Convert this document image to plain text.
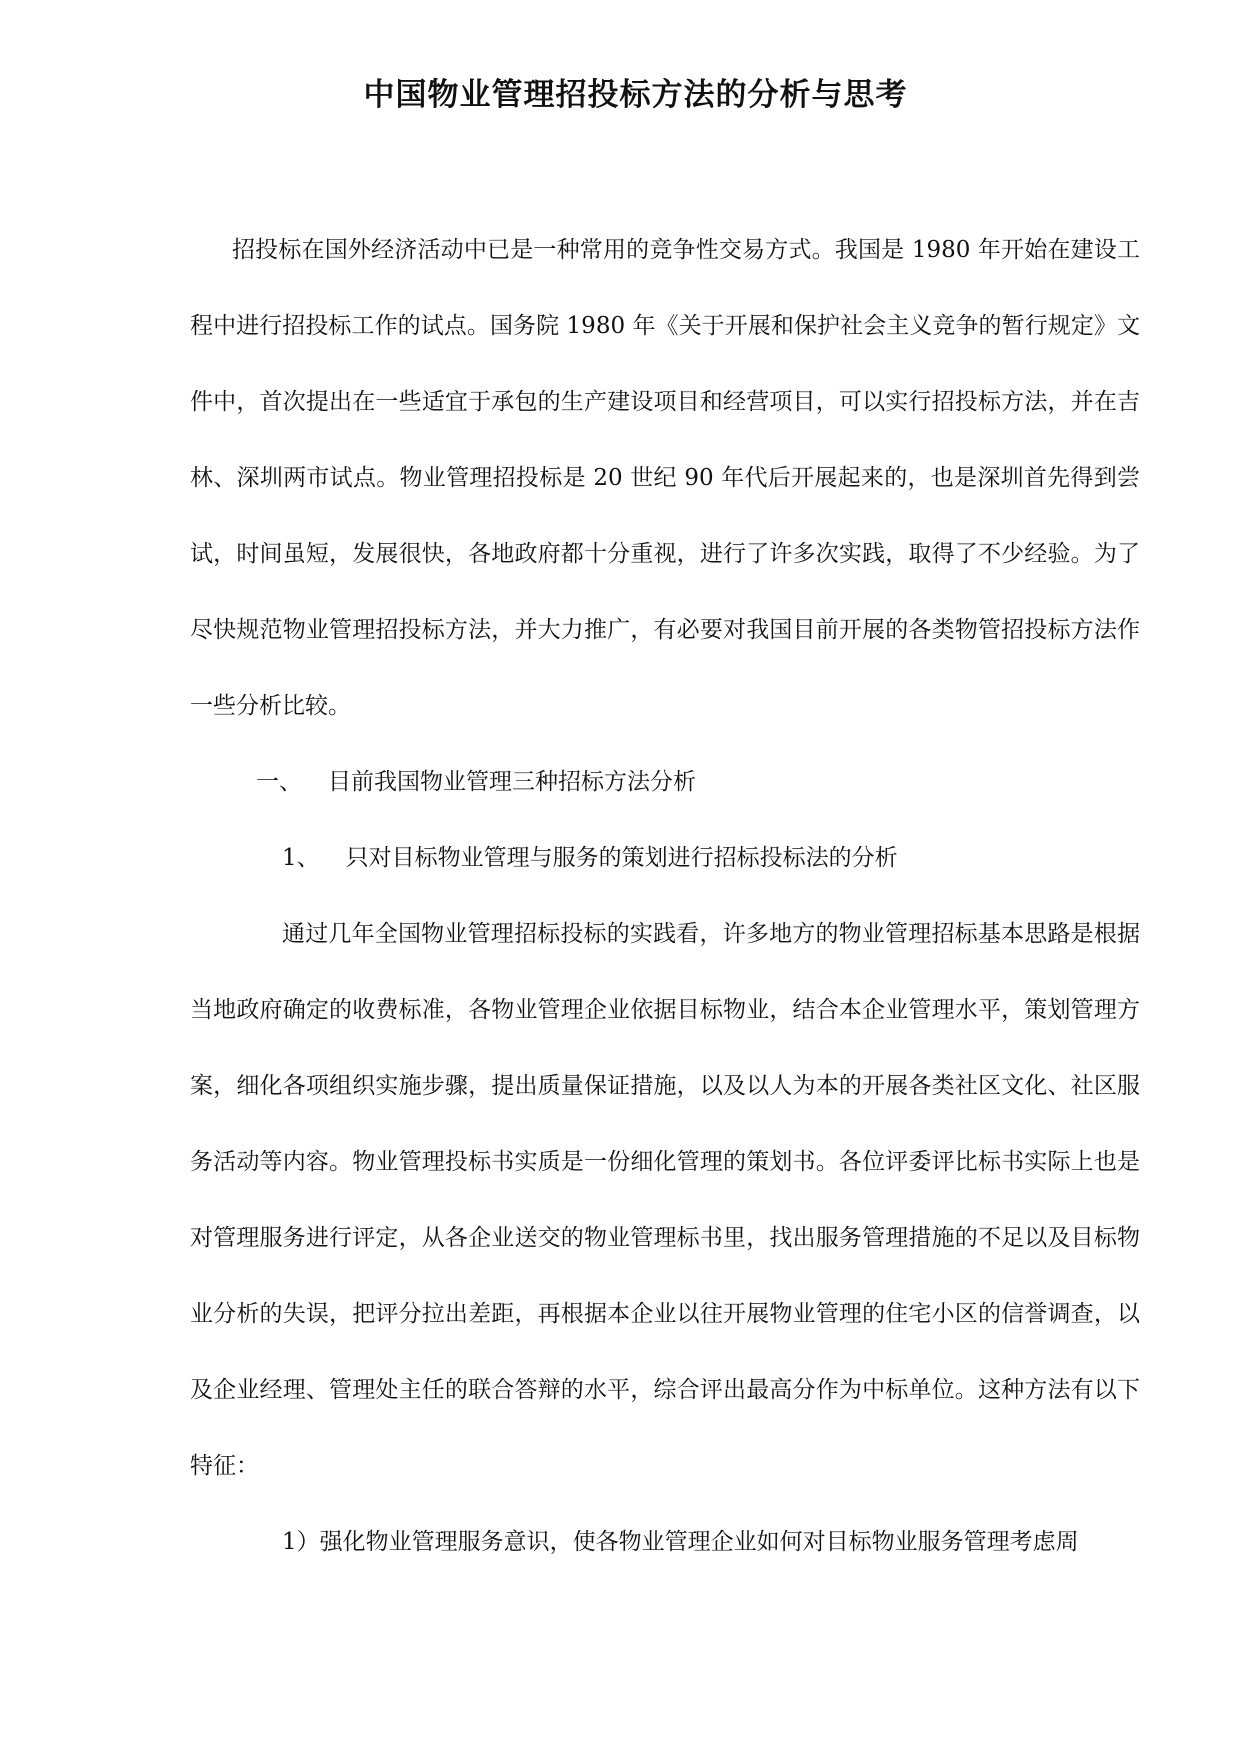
中国物业管理招投标方法的分析与思考

招投标在国外经济活动中已是一种常用的竞争性交易方式。我国是 1980 年开始在建设工程中进行招投标工作的试点。国务院 1980 年《关于开展和保护社会主义竞争的暂行规定》文件中，首次提出在一些适宜于承包的生产建设项目和经营项目，可以实行招投标方法，并在吉林、深圳两市试点。物业管理招投标是 20 世纪 90 年代后开展起来的，也是深圳首先得到尝试，时间虽短，发展很快，各地政府都十分重视，进行了许多次实践，取得了不少经验。为了尽快规范物业管理招投标方法，并大力推广，有必要对我国目前开展的各类物管招投标方法作一些分析比较。

一、 目前我国物业管理三种招标方法分析

1、 只对目标物业管理与服务的策划进行招标投标法的分析

通过几年全国物业管理招标投标的实践看，许多地方的物业管理招标基本思路是根据当地政府确定的收费标准，各物业管理企业依据目标物业，结合本企业管理水平，策划管理方案，细化各项组织实施步骤，提出质量保证措施，以及以人为本的开展各类社区文化、社区服务活动等内容。物业管理投标书实质是一份细化管理的策划书。各位评委评比标书实际上也是对管理服务进行评定，从各企业送交的物业管理标书里，找出服务管理措施的不足以及目标物业分析的失误，把评分拉出差距，再根据本企业以往开展物业管理的住宅小区的信誉调查，以及企业经理、管理处主任的联合答辩的水平，综合评出最高分作为中标单位。这种方法有以下特征：

1）强化物业管理服务意识，使各物业管理企业如何对目标物业服务管理考虑周
